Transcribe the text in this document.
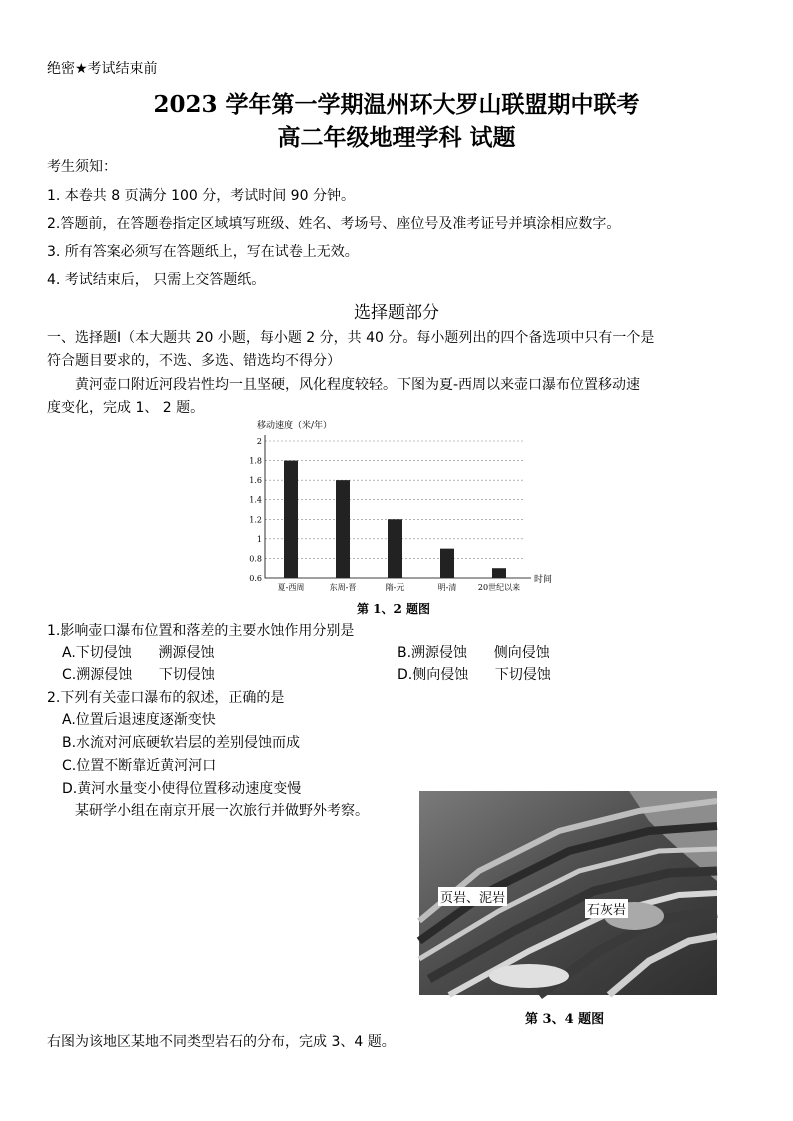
绝密★考试结束前
2023 学年第一学期温州环大罗山联盟期中联考
高二年级地理学科 试题
考生须知：
1. 本卷共 8 页满分 100 分，考试时间 90 分钟。
2.答题前，在答题卷指定区域填写班级、姓名、考场号、座位号及准考证号并填涂相应数字。
3. 所有答案必须写在答题纸上，写在试卷上无效。
4. 考试结束后， 只需上交答题纸。
选择题部分
一、选择题Ⅰ（本大题共 20 小题，每小题 2 分，共 40 分。每小题列出的四个备选项中只有一个是
符合题目要求的，不选、多选、错选均不得分）
黄河壶口附近河段岩性均一且坚硬，风化程度较轻。下图为夏-西周以来壶口瀑布位置移动速
度变化，完成 1、 2 题。
移动速度（米/年）
0.6
0.8
1
1.2
1.4
1.6
1.8
2
夏-西周	东周-晋	隋-元	明-清	20世纪以来
时间
第 1、2 题图
1.影响壶口瀑布位置和落差的主要水蚀作用分别是
A.下切侵蚀      溯源侵蚀	B.溯源侵蚀      侧向侵蚀
C.溯源侵蚀      下切侵蚀	D.侧向侵蚀      下切侵蚀
2.下列有关壶口瀑布的叙述，正确的是
A.位置后退速度逐渐变快
B.水流对河底硬软岩层的差别侵蚀而成
C.位置不断靠近黄河河口
D.黄河水量变小使得位置移动速度变慢
某研学小组在南京开展一次旅行并做野外考察。
页岩、泥岩
石灰岩
第 3、4 题图
右图为该地区某地不同类型岩石的分布，完成 3、4 题。
